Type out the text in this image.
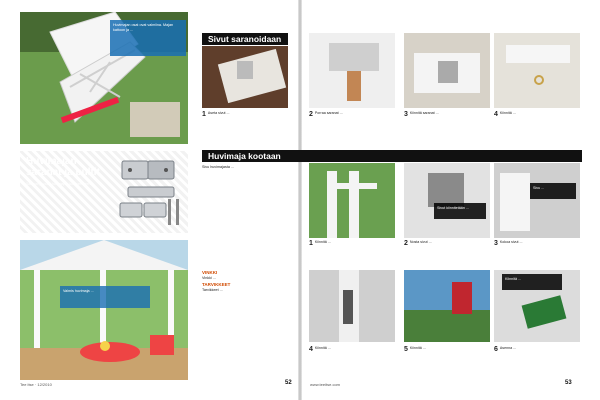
Huvimajan osat ovat valmiina. Majan kattoon ja ...
Huvimajan
saranat ja pultit
Saranat ja pultit huvimajan kokoamiseen ...
Valmis huvimaja ...
Tee itse · 12/2010	52
Sivut saranoidaan
1 Aseta sivut ...	2 Porraa saranat ...	3 Kiinnitä saranat ...	4 Kiinnitä ...
Huvimaja kootaan
Sivu huvimajasta ...
VINKKI
Vinkki ...
TARVIKKEET
Tarvikkeet ...
Sivut kiinnitetään ...
Sivu ...
1 Kiinnitä ...	2 Nosta sivut ...	3 Kokoa sivut ...
Kiinnitä ...
4 Kiinnitä ...	5 Kiinnitä ...	6 Asenna ...
www.teeitse.com	53
